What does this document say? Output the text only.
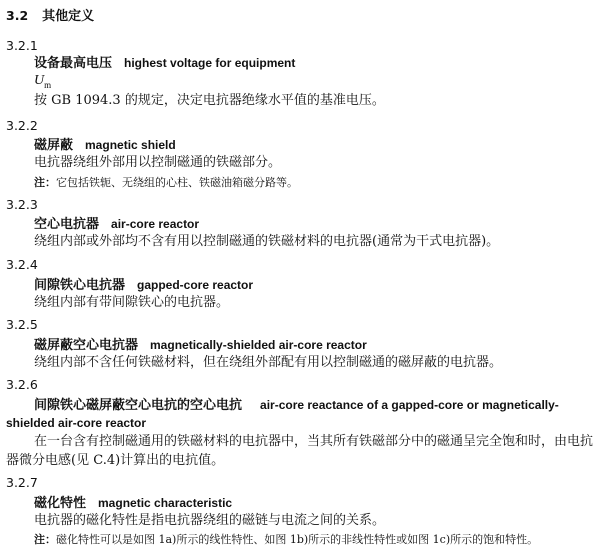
3.2 其他定义
3.2.1
设备最高电压 highest voltage for equipment
$U_m$
按 GB 1094.3 的规定，决定电抗器绝缘水平值的基准电压。
3.2.2
磁屏蔽 magnetic shield
电抗器绕组外部用以控制磁通的铁磁部分。
注：它包括铁轭、无绕组的心柱、铁磁油箱磁分路等。
3.2.3
空心电抗器 air-core reactor
绕组内部或外部均不含有用以控制磁通的铁磁材料的电抗器(通常为干式电抗器)。
3.2.4
间隙铁心电抗器 gapped-core reactor
绕组内部有带间隙铁心的电抗器。
3.2.5
磁屏蔽空心电抗器 magnetically-shielded air-core reactor
绕组内部不含任何铁磁材料，但在绕组外部配有用以控制磁通的磁屏蔽的电抗器。
3.2.6
间隙铁心磁屏蔽空心电抗的空心电抗 air-core reactance of a gapped-core or magnetically-
shielded air-core reactor
在一台含有控制磁通用的铁磁材料的电抗器中，当其所有铁磁部分中的磁通呈完全饱和时，由电抗
器微分电感(见 C.4)计算出的电抗值。
3.2.7
磁化特性 magnetic characteristic
电抗器的磁化特性是指电抗器绕组的磁链与电流之间的关系。
注：磁化特性可以是如图 1a)所示的线性特性、如图 1b)所示的非线性特性或如图 1c)所示的饱和特性。
